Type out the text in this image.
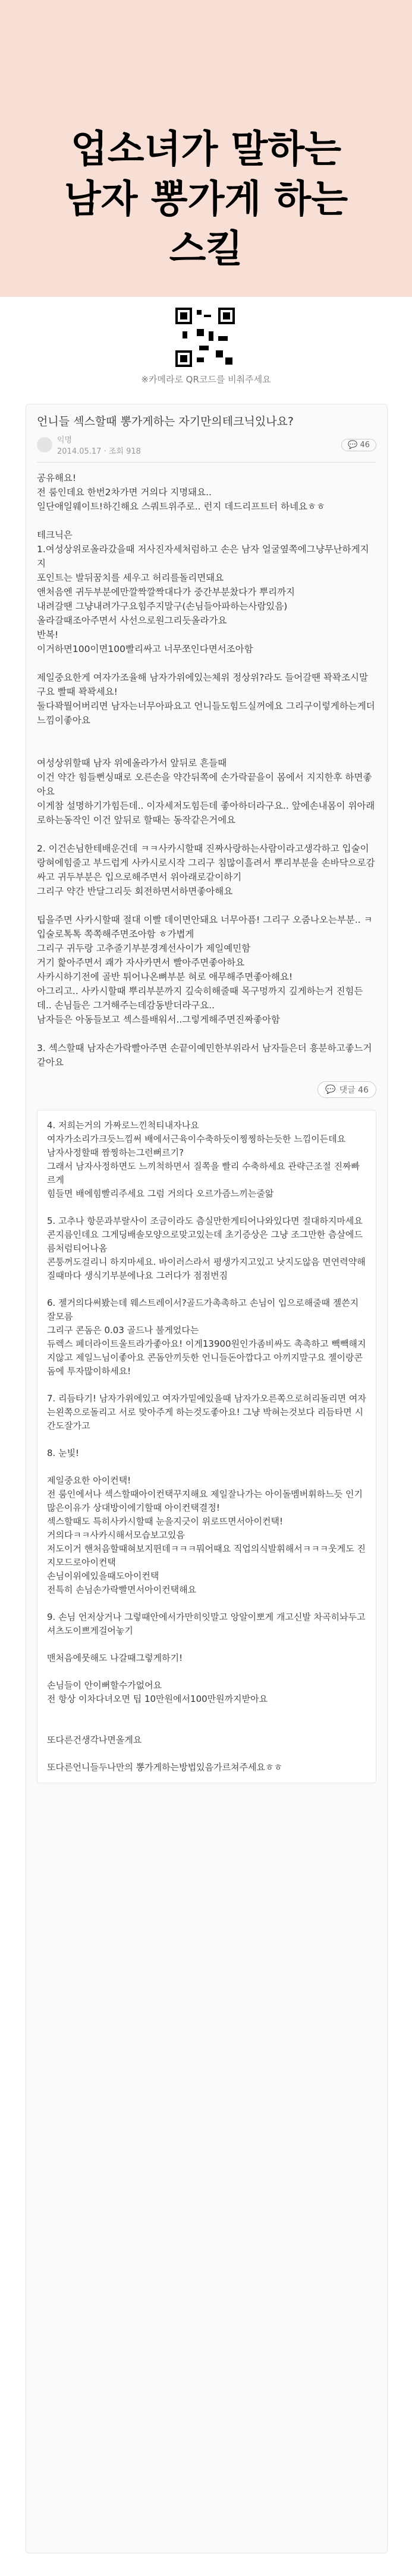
업소녀가 말하는
남자 뽕가게 하는
스킬
※카메라로 QR코드를 비춰주세요
언니들 섹스할때 뽕가게하는 자기만의테크닉있나요?
익명
2014.05.17 · 조회 918
💬 46
공유해요!
전 룸인데요 한번2차가면 거의다 지명돼요..
일단애일웨이트!하긴해요 스쿼트위주로.. 런지 데드리프트터 하네요ㅎㅎ

테크닉은
1.여성상위로올라갔을때 저사진자세처럼하고 손은 남자 얼굴옆쪽에그냥무난하게지지
포인트는 발뒤꿈치를 세우고 허리를돌리면돼요
앤처음엔 귀두부분에만깔짝깔짝대다가 중간부분찼다가 뿌리까지
내려갈땐 그냥내려가구요힘주지말구(손님들아파하는사람있음)
올라갈때조아주면서 사선으로원그리듯올라가요
반복!
이거하면100이면100빨리싸고 너무쪼인다면서조아함

제일중요한게 여자가조율해 남자가위에있는체위 정상위?라도 들어갈땐 꽉꽉조시말구요 빨때 꽉꽉세요!
둘다꽉뭘어버리면 남자는너무아파요고 언니들도힘드실꺼에요 그리구이렇게하는게더 느낌이좋아요

여성상위할때 남자 위에올라가서 앞뒤로 흔들때
이건 약간 힘들뻔싱때로 오른손을 약간뒤쪽에 손가락끝을이 몸에서 지지한후 하면좋아요
이게참 설명하기가힘든데.. 이자세저도힘든데 좋아하더라구요.. 앞에손내몸이 위아래로하는동작인 이건 앞뒤로 할때는 동작같은거에요

2. 이건손님한테배운건데 ㅋㅋ사카시할때 진짜사랑하는사람이라고생각하고 입술이랑혀에힘줄고 부드럽게 사카시로시작 그리구 침많이흘려서 뿌리부분을 손바닥으로감싸고 귀두부분은 입으로해주면서 위아래로같이하기
그리구 약간 반달그리듯 회전하면서하면좋아해요

팁을주면 사카시할때 절대 이빨 데이면안돼요 너무아픔! 그리구 오줌나오는부분.. ㅋ입술로톡톡 쪽쪽해주면조아함 ㅎ가볍게
그리구 귀두랑 고추줄기부분경계선사이가 제일예민함
거기 핥아주면서 쾌가 자사카면서 빨아주면좋아하요
사카시하기전에 골반 튀어나온뼈부분 혀로 애무해주면좋아해요!
아그리고.. 사카시할때 뿌리부분까지 깊숙히해줄때 목구멍까지 깊게하는거 진힘든데.. 손님들은 그거해주는데감동받더라구요..
남자들은 아동들보고 섹스를배워서..그렇게해주면진짜좋아함

3. 섹스할때 남자손가락빨아주면 손끝이예민한부위라서 남자들은더 흥분하고좋느거같아요
💬 댓글 46
4. 저희는거의 가짜로느낀척티내자나요
여자가소리가크듯느낌써 배에서근육이수축하듯이찡찡하는듯한 느낌이든데요
남자사정할때 짬찡하는그런뻐르기?
그래서 남자사정하면도 느끼척하면서 질쪽을 빨리 수축하세요 관략근조절 진짜빠르게
힘들면 배에힘빨리주세요 그럼 거의다 오르가즘느끼는줄앎

5. 고추나 항문과부랄사이 조금이라도 츰실만한게티어나와있다면 절대하지마세요
콘지름인데요 그게딩배솔모양으로맞고있는데 초기증상은 그냥 조그만한 츰살에드름처럼티어나옴
콘퉁꺼도걸리니 하지마세요. 바이러스라서 평생가지고있고 낫지도않음 면연력약해질때마다 생식기부분에나요 그러다가 점점번짐

6. 젤거의다써봤는데 웨스트레이서?골드가촉촉하고 손님이 입으로해줄때 젤쓴지잘모름
그리구 콘돔은 0.03 골드나 불게었다는
듀렉스 페더라이트울트라가좋아요! 이게13900원인가좀비싸도 촉촉하고 빽빽해지지않고 제일느님이좋아요 콘돔안끼듯한 언니들돈아깝다고 아끼지말구요 젤이랑콘돔에 투자많이하세요!

7. 리듬타기! 남자가위에있고 여자가밑에있을때 남자가오른쪽으로허리돌리면 여자는왼쪽으로돌리고 서로 맞아주게 하는것도좋아요! 그냥 박혀는것보다 리듬타면 시간도잘가고

8. 눈빛!

제일중요한 아이컨택!
전 룸인에서나 섹스할때아이컨택꾸지해요 제일잘나가는 아이돌멤버휘하느듯 인기많은이유가 상대방이에기할때 아이컨택결정!
섹스할때도 특히사카시할때 눈을지긋이 위로뜨면서아이컨택!
거의다ㅋㅋ사카시해서모습보고있음
저도이거 핸처음할때혀보지뛴데ㅋㅋㅋ뭐어때요 직업의식발휘해서ㅋㅋㅋ웃게도 진지모드로아이컨택
손님이위에있을때도아이컨택
전특히 손님손가락빨면서아이컨택해요

9. 손님 언저상거나 그렇때안에서가만히잇말고 앙알이뽀게 개고신발 차곡히놔두고 셔츠도이쁘게걸어놓기

맨처음에뭇해도 나갈때그렇게하기!

손님들이 안이뻐할수가없어요
전 항상 이차다녀오면 팁 10만원에서100만원까지받아요

또다른건생각나면올게요

또다른언니들두나만의 뽕가게하는방법있음가르쳐주세요ㅎㅎ
